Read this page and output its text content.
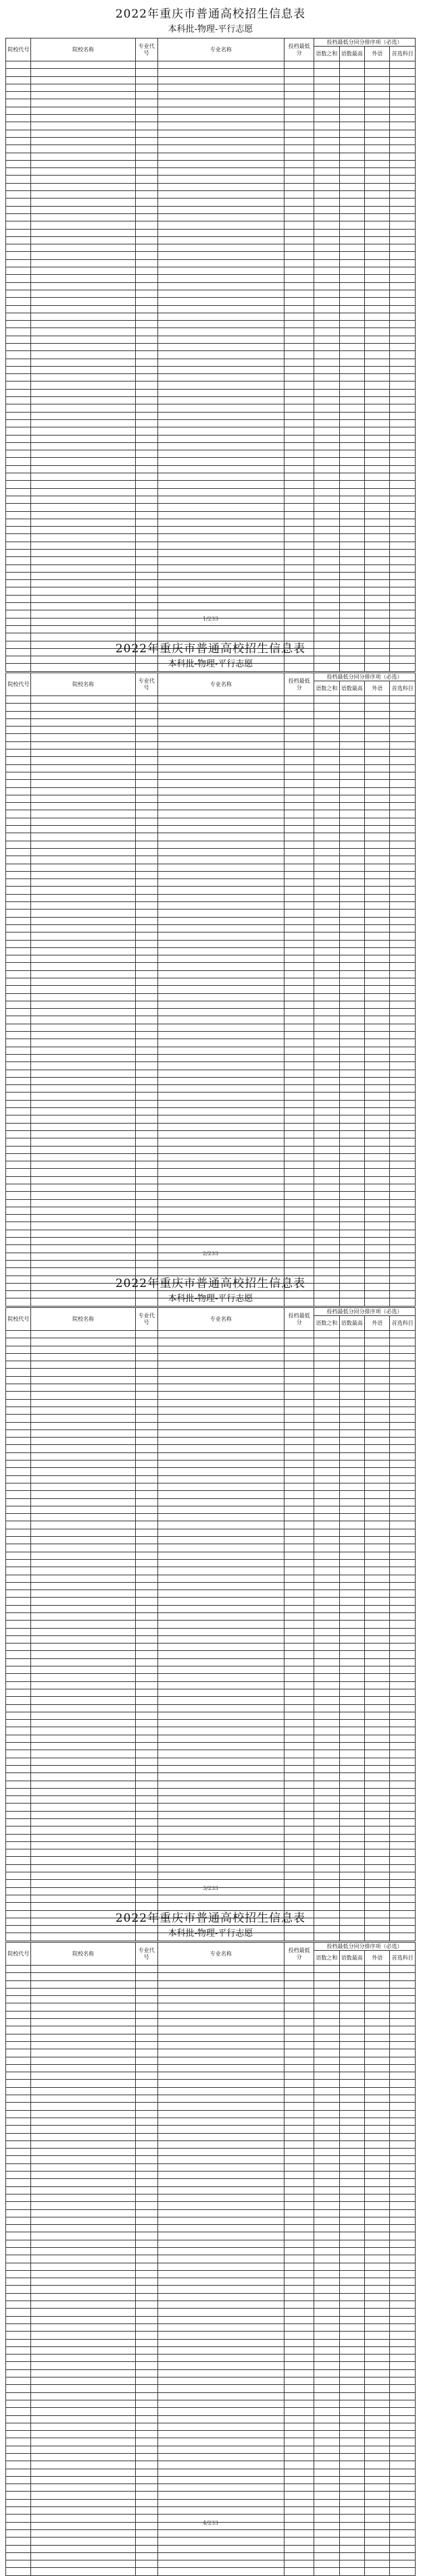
2022年重庆市普通高校招生信息表
本科批-物理-平行志愿
院校代号	院校名称	专业代号	专业名称	投档最低分	投档最低分同分排序项（必选）			
					语数之和	语数最高	外语	首选科目

1/233
2022年重庆市普通高校招生信息表
本科批-物理-平行志愿
院校代号	院校名称	专业代号	专业名称	投档最低分	投档最低分同分排序项（必选）			
					语数之和	语数最高	外语	首选科目

2/233
2022年重庆市普通高校招生信息表
本科批-物理-平行志愿
院校代号	院校名称	专业代号	专业名称	投档最低分	投档最低分同分排序项（必选）			
					语数之和	语数最高	外语	首选科目

3/233
2022年重庆市普通高校招生信息表
本科批-物理-平行志愿
院校代号	院校名称	专业代号	专业名称	投档最低分	投档最低分同分排序项（必选）			
					语数之和	语数最高	外语	首选科目

4/233
